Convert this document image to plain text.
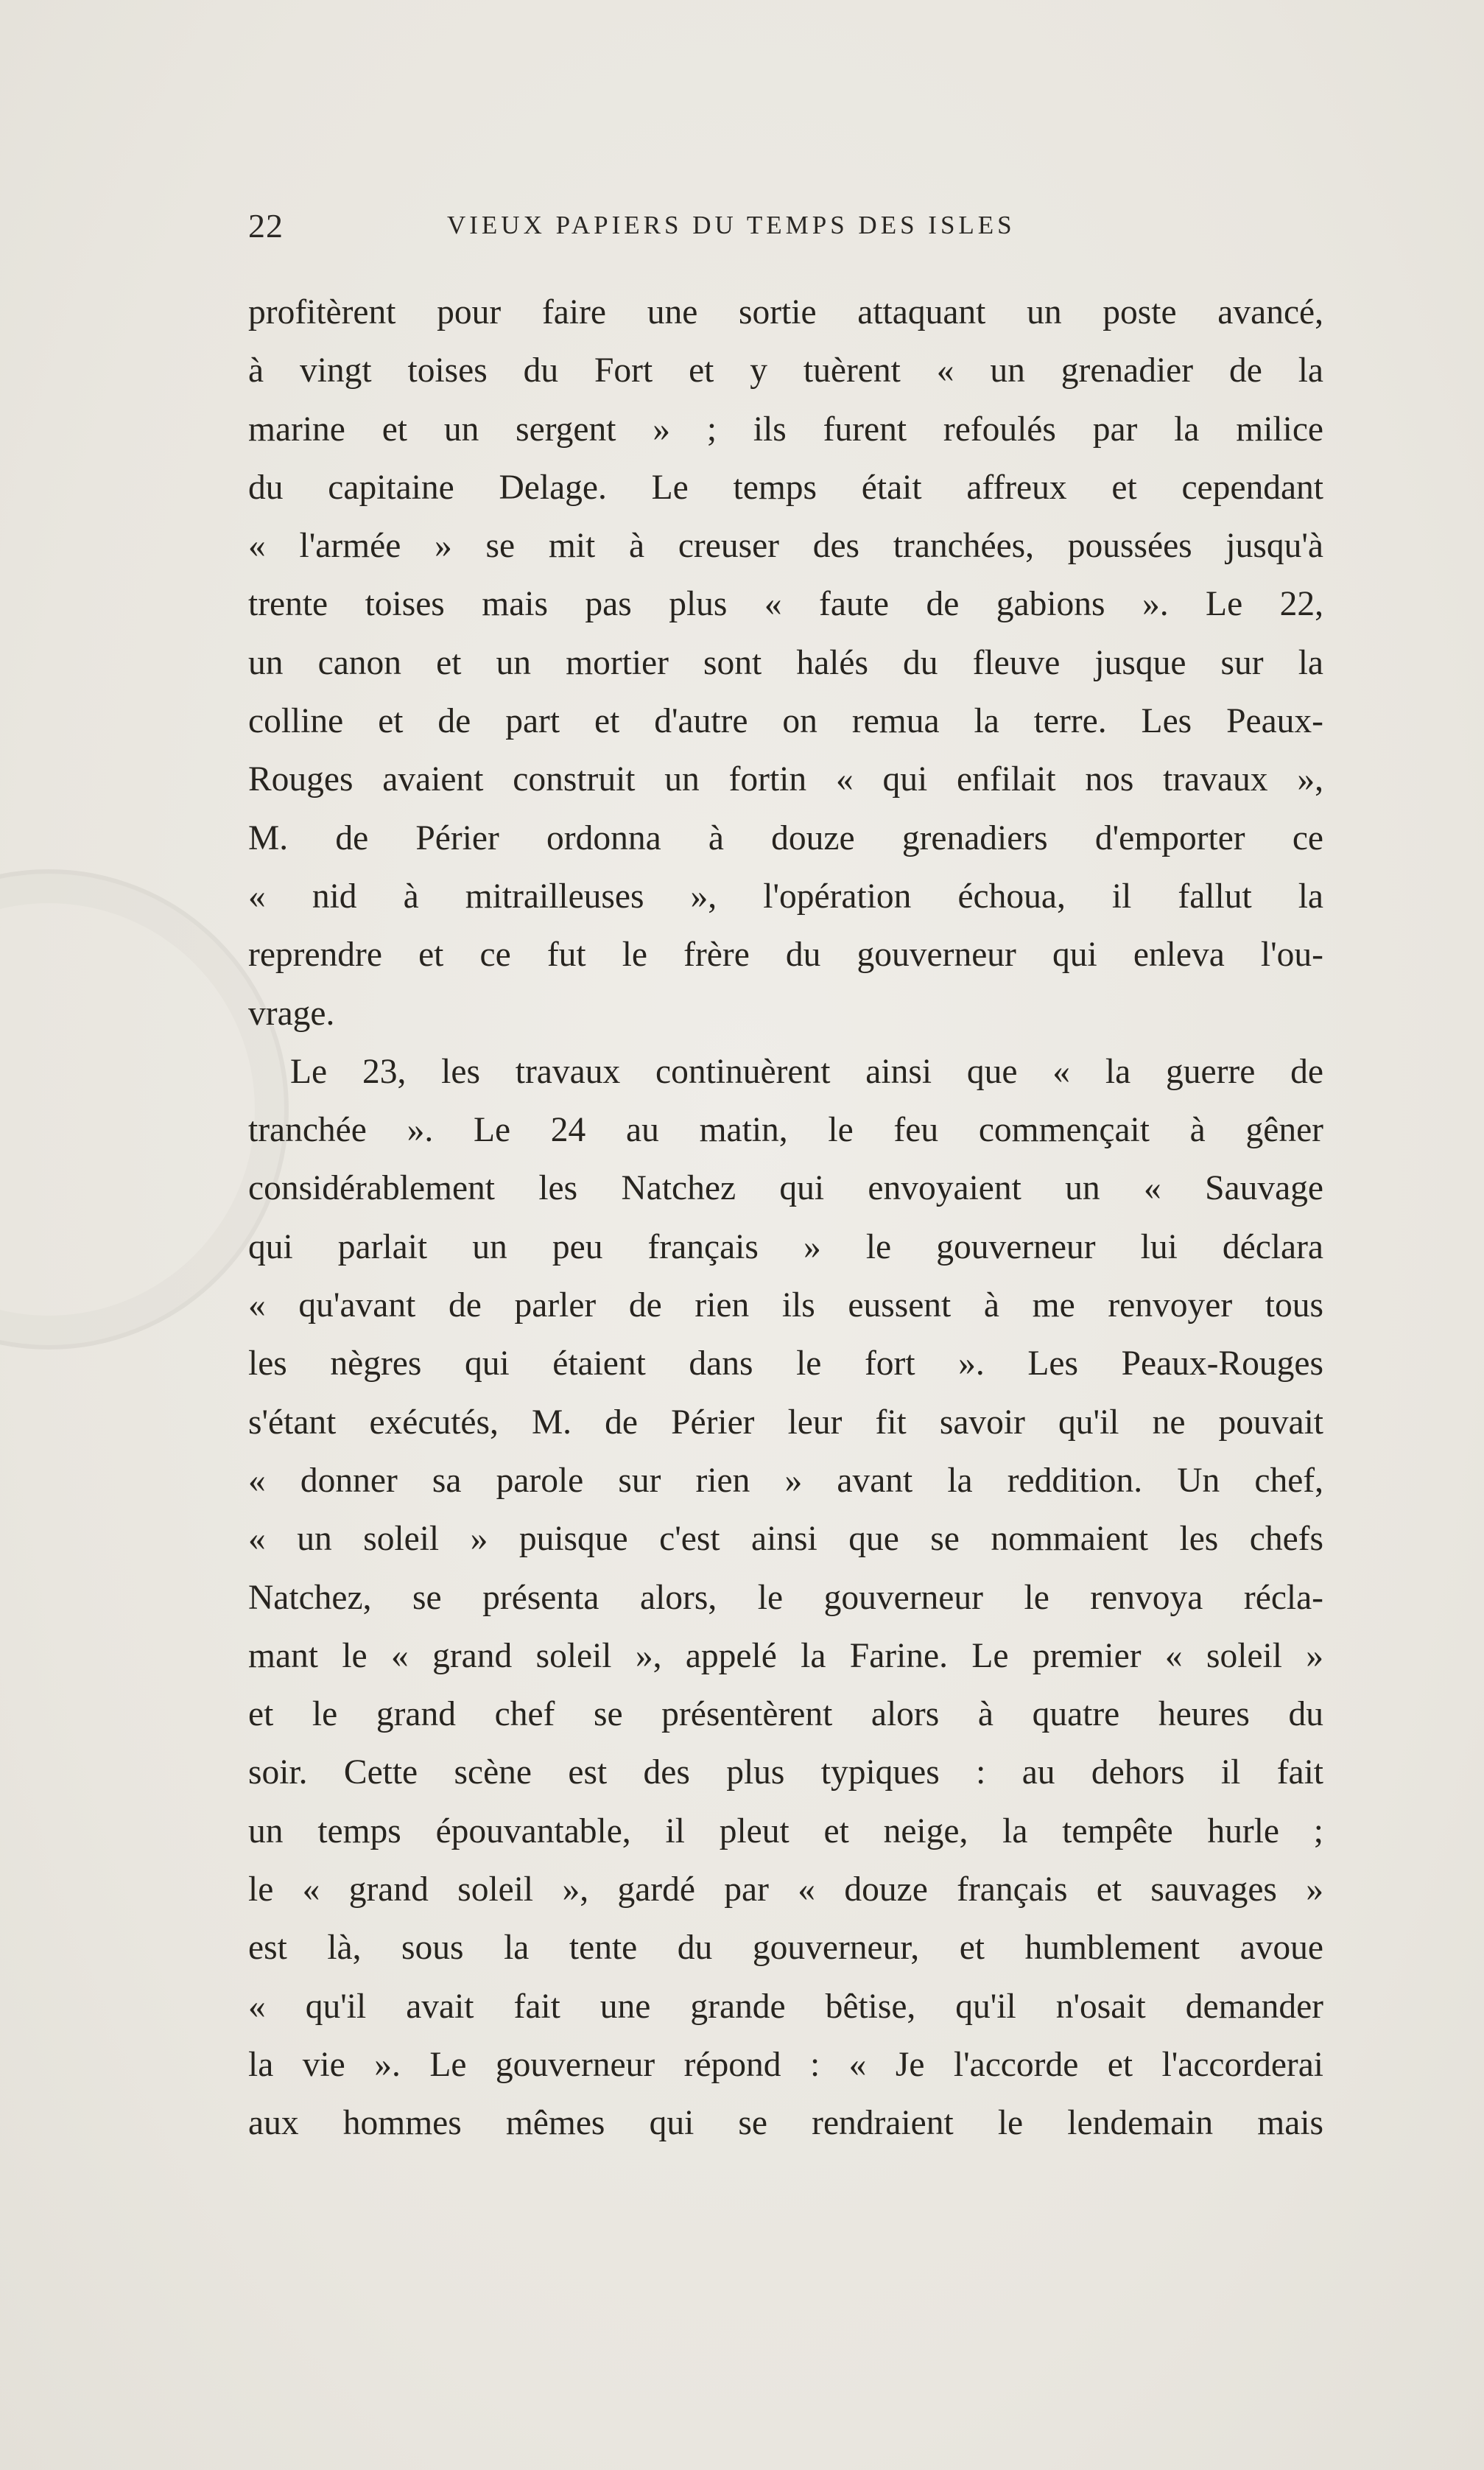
22	VIEUX PAPIERS DU TEMPS DES ISLES
profitèrent pour faire une sortie attaquant un poste avancé,
à vingt toises du Fort et y tuèrent « un grenadier de la
marine et un sergent » ; ils furent refoulés par la milice
du capitaine Delage. Le temps était affreux et cependant
« l'armée » se mit à creuser des tranchées, poussées jusqu'à
trente toises mais pas plus « faute de gabions ». Le 22,
un canon et un mortier sont halés du fleuve jusque sur la
colline et de part et d'autre on remua la terre. Les Peaux-
Rouges avaient construit un fortin « qui enfilait nos travaux »,
M. de Périer ordonna à douze grenadiers d'emporter ce
« nid à mitrailleuses », l'opération échoua, il fallut la
reprendre et ce fut le frère du gouverneur qui enleva l'ou-
vrage.
Le 23, les travaux continuèrent ainsi que « la guerre de
tranchée ». Le 24 au matin, le feu commençait à gêner
considérablement les Natchez qui envoyaient un « Sauvage
qui parlait un peu français » le gouverneur lui déclara
« qu'avant de parler de rien ils eussent à me renvoyer tous
les nègres qui étaient dans le fort ». Les Peaux-Rouges
s'étant exécutés, M. de Périer leur fit savoir qu'il ne pouvait
« donner sa parole sur rien » avant la reddition. Un chef,
« un soleil » puisque c'est ainsi que se nommaient les chefs
Natchez, se présenta alors, le gouverneur le renvoya récla-
mant le « grand soleil », appelé la Farine. Le premier « soleil »
et le grand chef se présentèrent alors à quatre heures du
soir. Cette scène est des plus typiques : au dehors il fait
un temps épouvantable, il pleut et neige, la tempête hurle ;
le « grand soleil », gardé par « douze français et sauvages »
est là, sous la tente du gouverneur, et humblement avoue
« qu'il avait fait une grande bêtise, qu'il n'osait demander
la vie ». Le gouverneur répond : « Je l'accorde et l'accorderai
aux hommes mêmes qui se rendraient le lendemain mais
